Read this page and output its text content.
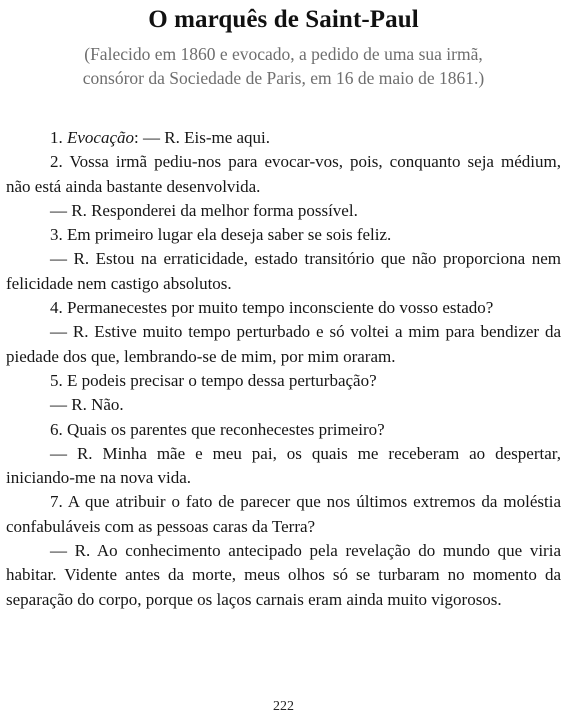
O marquês de Saint-Paul
(Falecido em 1860 e evocado, a pedido de uma sua irmã,
consóror da Sociedade de Paris, em 16 de maio de 1861.)

1. Evocação: — R. Eis-me aqui.

2. Vossa irmã pediu-nos para evocar-vos, pois, conquanto seja médium, não está ainda bastante desenvolvida.

— R. Responderei da melhor forma possível.

3. Em primeiro lugar ela deseja saber se sois feliz.

— R. Estou na erraticidade, estado transitório que não proporciona nem felicidade nem castigo absolutos.

4. Permanecestes por muito tempo inconsciente do vosso estado?

— R. Estive muito tempo perturbado e só voltei a mim para bendizer da piedade dos que, lembrando-se de mim, por mim oraram.

5. E podeis precisar o tempo dessa perturbação?

— R. Não.

6. Quais os parentes que reconhecestes primeiro?

— R. Minha mãe e meu pai, os quais me receberam ao despertar, iniciando-me na nova vida.

7. A que atribuir o fato de parecer que nos últimos extremos da moléstia confabuláveis com as pessoas caras da Terra?

— R. Ao conhecimento antecipado pela revelação do mundo que viria habitar. Vidente antes da morte, meus olhos só se turbaram no momento da separação do corpo, porque os laços carnais eram ainda muito vigorosos.

222
